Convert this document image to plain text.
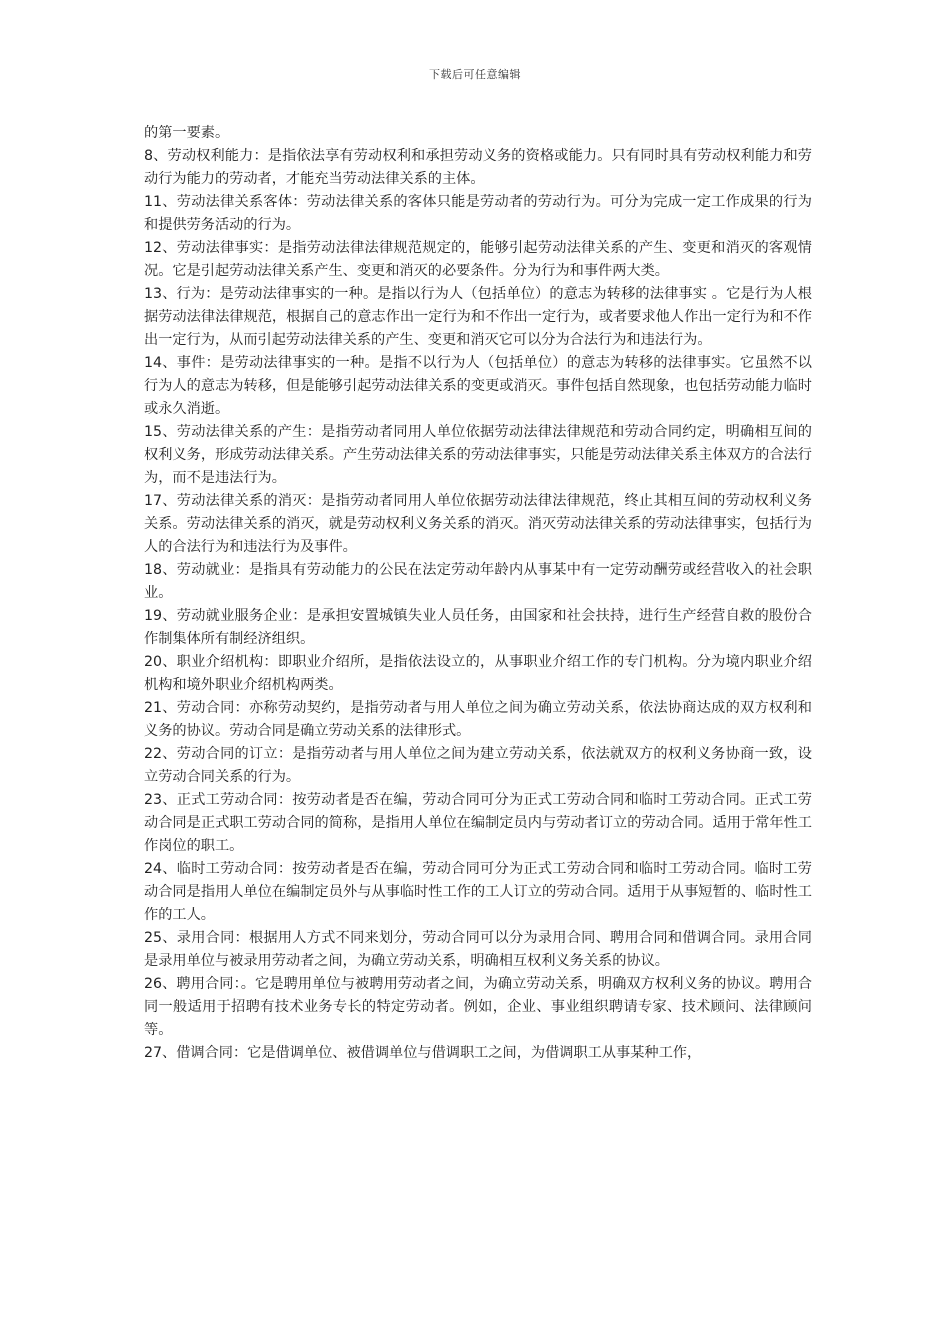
下载后可任意编辑

的第一要素。

8、劳动权利能力：是指依法享有劳动权利和承担劳动义务的资格或能力。只有同时具有劳动权利能力和劳动行为能力的劳动者，才能充当劳动法律关系的主体。

11、劳动法律关系客体：劳动法律关系的客体只能是劳动者的劳动行为。可分为完成一定工作成果的行为和提供劳务活动的行为。

12、劳动法律事实：是指劳动法律法律规范规定的，能够引起劳动法律关系的产生、变更和消灭的客观情况。它是引起劳动法律关系产生、变更和消灭的必要条件。分为行为和事件两大类。

13、行为：是劳动法律事实的一种。是指以行为人（包括单位）的意志为转移的法律事实 。它是行为人根据劳动法律法律规范，根据自己的意志作出一定行为和不作出一定行为，或者要求他人作出一定行为和不作出一定行为，从而引起劳动法律关系的产生、变更和消灭它可以分为合法行为和违法行为。

14、事件：是劳动法律事实的一种。是指不以行为人（包括单位）的意志为转移的法律事实。它虽然不以行为人的意志为转移，但是能够引起劳动法律关系的变更或消灭。事件包括自然现象，也包括劳动能力临时或永久消逝。

15、劳动法律关系的产生：是指劳动者同用人单位依据劳动法律法律规范和劳动合同约定，明确相互间的权利义务，形成劳动法律关系。产生劳动法律关系的劳动法律事实，只能是劳动法律关系主体双方的合法行为，而不是违法行为。

17、劳动法律关系的消灭：是指劳动者同用人单位依据劳动法律法律规范，终止其相互间的劳动权利义务关系。劳动法律关系的消灭，就是劳动权利义务关系的消灭。消灭劳动法律关系的劳动法律事实，包括行为人的合法行为和违法行为及事件。

18、劳动就业：是指具有劳动能力的公民在法定劳动年龄内从事某中有一定劳动酬劳或经营收入的社会职业。

19、劳动就业服务企业：是承担安置城镇失业人员任务，由国家和社会扶持，进行生产经营自救的股份合作制集体所有制经济组织。

20、职业介绍机构：即职业介绍所，是指依法设立的，从事职业介绍工作的专门机构。分为境内职业介绍机构和境外职业介绍机构两类。

21、劳动合同：亦称劳动契约，是指劳动者与用人单位之间为确立劳动关系，依法协商达成的双方权利和义务的协议。劳动合同是确立劳动关系的法律形式。

22、劳动合同的订立：是指劳动者与用人单位之间为建立劳动关系，依法就双方的权利义务协商一致，设立劳动合同关系的行为。

23、正式工劳动合同：按劳动者是否在编，劳动合同可分为正式工劳动合同和临时工劳动合同。正式工劳动合同是正式职工劳动合同的简称，是指用人单位在编制定员内与劳动者订立的劳动合同。适用于常年性工作岗位的职工。

24、临时工劳动合同：按劳动者是否在编，劳动合同可分为正式工劳动合同和临时工劳动合同。临时工劳动合同是指用人单位在编制定员外与从事临时性工作的工人订立的劳动合同。适用于从事短暂的、临时性工作的工人。

25、录用合同：根据用人方式不同来划分，劳动合同可以分为录用合同、聘用合同和借调合同。录用合同是录用单位与被录用劳动者之间，为确立劳动关系，明确相互权利义务关系的协议。

26、聘用合同：。它是聘用单位与被聘用劳动者之间，为确立劳动关系，明确双方权利义务的协议。聘用合同一般适用于招聘有技术业务专长的特定劳动者。例如，企业、事业组织聘请专家、技术顾问、法律顾问等。

27、借调合同：它是借调单位、被借调单位与借调职工之间，为借调职工从事某种工作，
